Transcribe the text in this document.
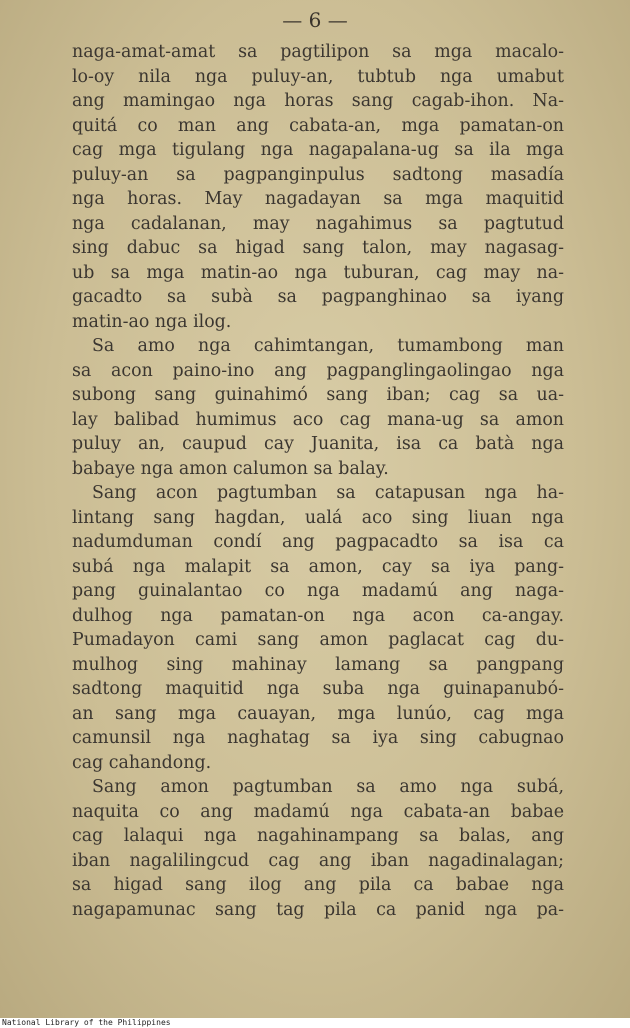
— 6 —
naga-amat-amat sa pagtilipon sa mga macalo-
lo-oy nila nga puluy-an, tubtub nga umabut
ang mamingao nga horas sang cagab-ihon. Na-
quitá co man ang cabata-an, mga pamatan-on
cag mga tigulang nga nagapalana-ug sa ila mga
puluy-an sa pagpanginpulus sadtong masadía
nga horas. May nagadayan sa mga maquitid
nga cadalanan, may nagahimus sa pagtutud
sing dabuc sa higad sang talon, may nagasag-
ub sa mga matin-ao nga tuburan, cag may na-
gacadto sa subà sa pagpanghinao sa iyang
matin-ao nga ilog.
Sa amo nga cahimtangan, tumambong man
sa acon paino-ino ang pagpanglingaolingao nga
subong sang guinahimó sang iban; cag sa ua-
lay balibad humimus aco cag mana-ug sa amon
puluy an, caupud cay Juanita, isa ca batà nga
babaye nga amon calumon sa balay.
Sang acon pagtumban sa catapusan nga ha-
lintang sang hagdan, ualá aco sing liuan nga
nadumduman condí ang pagpacadto sa isa ca
subá nga malapit sa amon, cay sa iya pang-
pang guinalantao co nga madamú ang naga-
dulhog nga pamatan-on nga acon ca-angay.
Pumadayon cami sang amon paglacat cag du-
mulhog sing mahinay lamang sa pangpang
sadtong maquitid nga suba nga guinapanubó-
an sang mga cauayan, mga lunúo, cag mga
camunsil nga naghatag sa iya sing cabugnao
cag cahandong.
Sang amon pagtumban sa amo nga subá,
naquita co ang madamú nga cabata-an babae
cag lalaqui nga nagahinampang sa balas, ang
iban nagalilingcud cag ang iban nagadinalagan;
sa higad sang ilog ang pila ca babae nga
nagapamunac sang tag pila ca panid nga pa-
National Library of the Philippines
